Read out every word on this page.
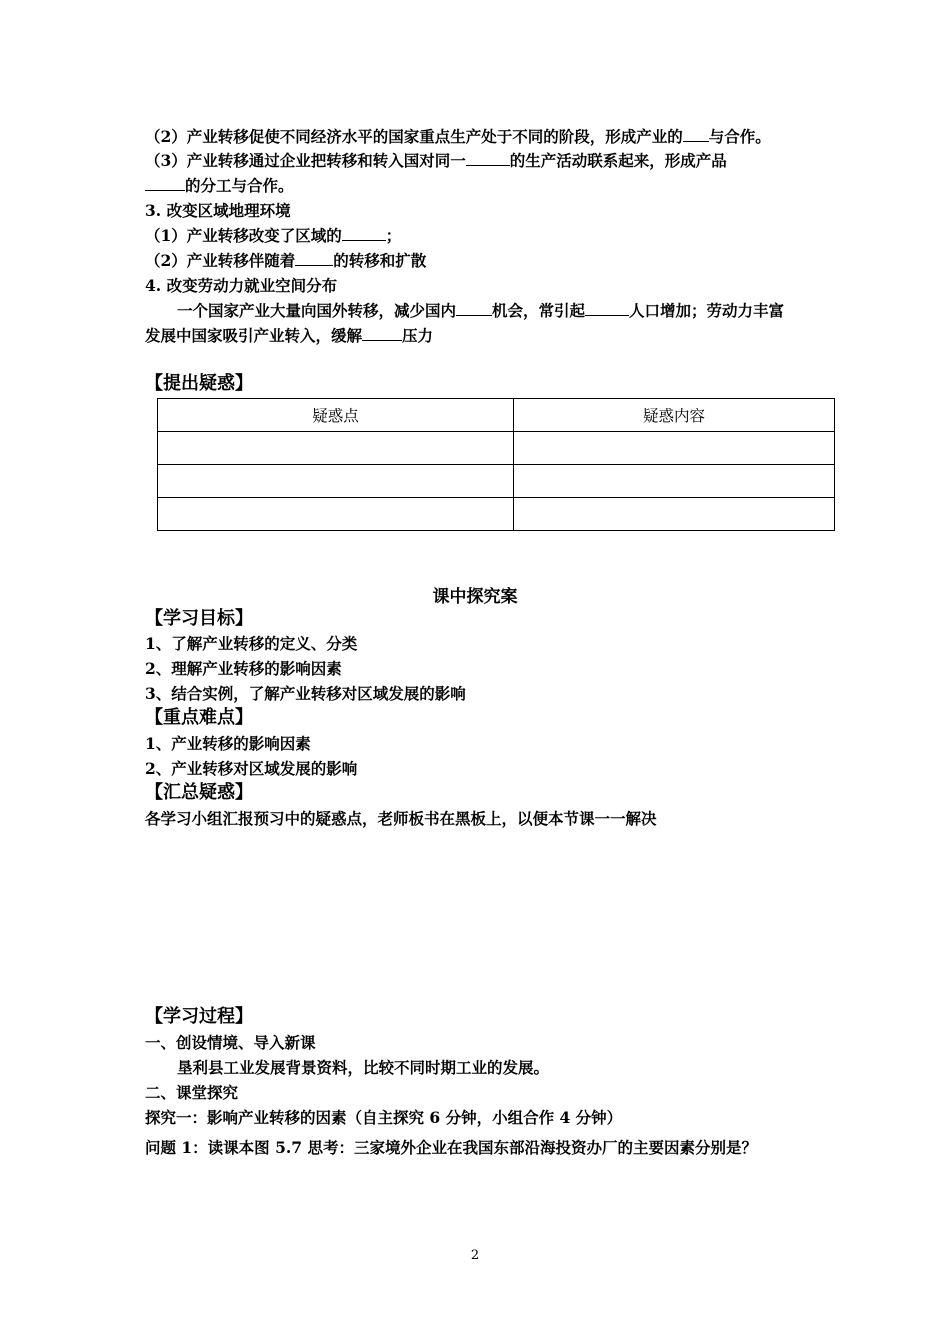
（2）产业转移促使不同经济水平的国家重点生产处于不同的阶段，形成产业的 与合作。
（3）产业转移通过企业把转移和转入国对同一	的生产活动联系起来，形成产品
的分工与合作。
3. 改变区域地理环境
（1）产业转移改变了区域的	；
（2）产业转移伴随着 的转移和扩散
4. 改变劳动力就业空间分布
一个国家产业大量向国外转移，减少国内 机会，常引起	人口增加；劳动力丰富
发展中国家吸引产业转入，缓解	压力
【提出疑惑】
疑惑点	疑惑内容

课中探究案
【学习目标】
1、了解产业转移的定义、分类
2、理解产业转移的影响因素
3、结合实例，了解产业转移对区域发展的影响
【重点难点】
1、产业转移的影响因素
2、产业转移对区域发展的影响
【汇总疑惑】
各学习小组汇报预习中的疑惑点，老师板书在黑板上，以便本节课一一解决
【学习过程】
一、创设情境、导入新课
垦利县工业发展背景资料，比较不同时期工业的发展。
二、课堂探究
探究一：影响产业转移的因素（自主探究 6 分钟，小组合作 4 分钟）
问题 1：读课本图 5.7 思考：三家境外企业在我国东部沿海投资办厂的主要因素分别是？
2
